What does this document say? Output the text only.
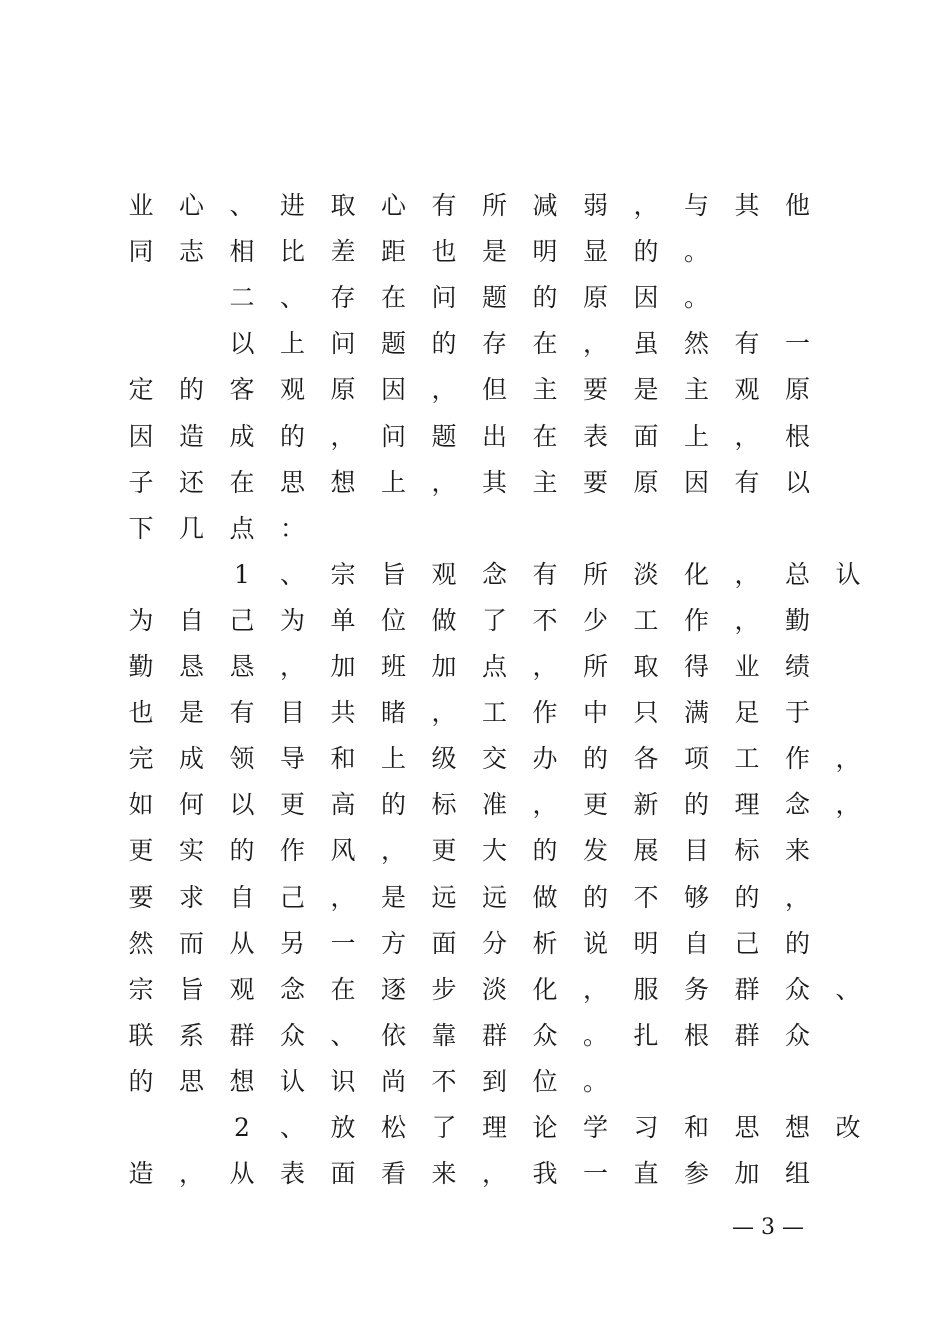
业	心	、	进	取	心	有	所	减	弱	，	与	其	他
同	志	相	比	差	距	也	是	明	显	的	。
二	、	存	在	问	题	的	原	因	。
以	上	问	题	的	存	在	，	虽	然	有	一
定	的	客	观	原	因	，	但	主	要	是	主	观	原
因	造	成	的	，	问	题	出	在	表	面	上	，	根
子	还	在	思	想	上	，	其	主	要	原	因	有	以
下	几	点	：
1	、	宗	旨	观	念	有	所	淡	化	，	总	认
为	自	己	为	单	位	做	了	不	少	工	作	，	勤
勤	恳	恳	，	加	班	加	点	，	所	取	得	业	绩
也	是	有	目	共	睹	，	工	作	中	只	满	足	于
完	成	领	导	和	上	级	交	办	的	各	项	工	作	，
如	何	以	更	高	的	标	准	，	更	新	的	理	念	，
更	实	的	作	风	，	更	大	的	发	展	目	标	来
要	求	自	己	，	是	远	远	做	的	不	够	的	，
然	而	从	另	一	方	面	分	析	说	明	自	己	的
宗	旨	观	念	在	逐	步	淡	化	，	服	务	群	众	、
联	系	群	众	、	依	靠	群	众	。	扎	根	群	众
的	思	想	认	识	尚	不	到	位	。
2	、	放	松	了	理	论	学	习	和	思	想	改
造	，	从	表	面	看	来	，	我	一	直	参	加	组
— 3 —
